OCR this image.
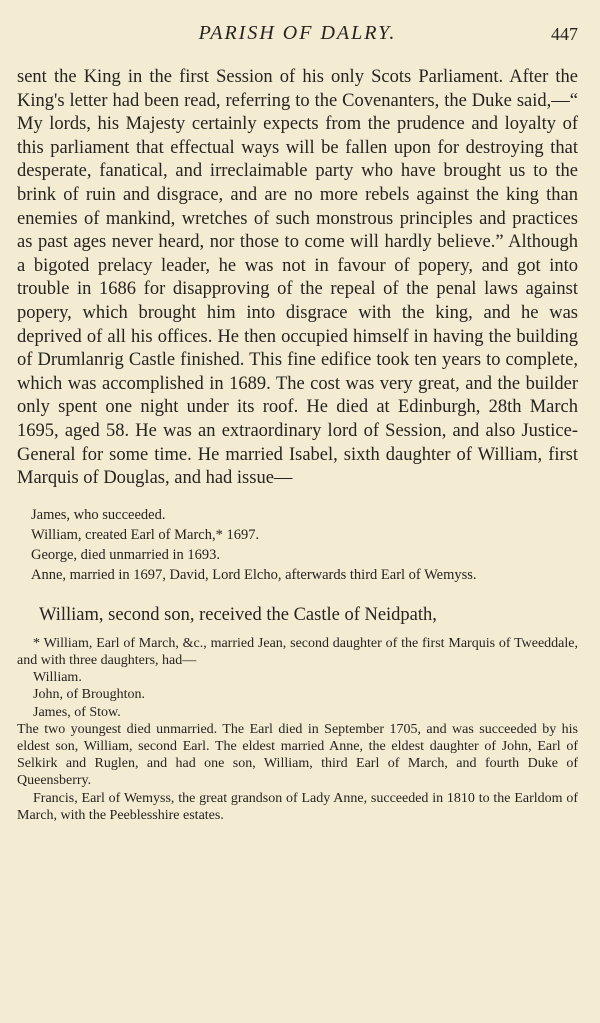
PARISH OF DALRY.	447

sent the King in the first Session of his only Scots Parliament. After the King's letter had been read, referring to the Covenanters, the Duke said,—“ My lords, his Majesty certainly expects from the prudence and loyalty of this parliament that effectual ways will be fallen upon for destroying that desperate, fanatical, and irreclaimable party who have brought us to the brink of ruin and disgrace, and are no more rebels against the king than enemies of mankind, wretches of such monstrous principles and practices as past ages never heard, nor those to come will hardly believe.” Although a bigoted prelacy leader, he was not in favour of popery, and got into trouble in 1686 for disapproving of the repeal of the penal laws against popery, which brought him into disgrace with the king, and he was deprived of all his offices. He then occupied himself in having the building of Drumlanrig Castle finished. This fine edifice took ten years to complete, which was accomplished in 1689. The cost was very great, and the builder only spent one night under its roof. He died at Edinburgh, 28th March 1695, aged 58. He was an extraordinary lord of Session, and also Justice-General for some time. He married Isabel, sixth daughter of William, first Marquis of Douglas, and had issue—

James, who succeeded.
William, created Earl of March,* 1697.
George, died unmarried in 1693.
Anne, married in 1697, David, Lord Elcho, afterwards third Earl of Wemyss.

William, second son, received the Castle of Neidpath,

* William, Earl of March, &c., married Jean, second daughter of the first Marquis of Tweeddale, and with three daughters, had—

William.

John, of Broughton.

James, of Stow.

The two youngest died unmarried. The Earl died in September 1705, and was succeeded by his eldest son, William, second Earl. The eldest married Anne, the eldest daughter of John, Earl of Selkirk and Ruglen, and had one son, William, third Earl of March, and fourth Duke of Queensberry.

Francis, Earl of Wemyss, the great grandson of Lady Anne, succeeded in 1810 to the Earldom of March, with the Peeblesshire estates.
